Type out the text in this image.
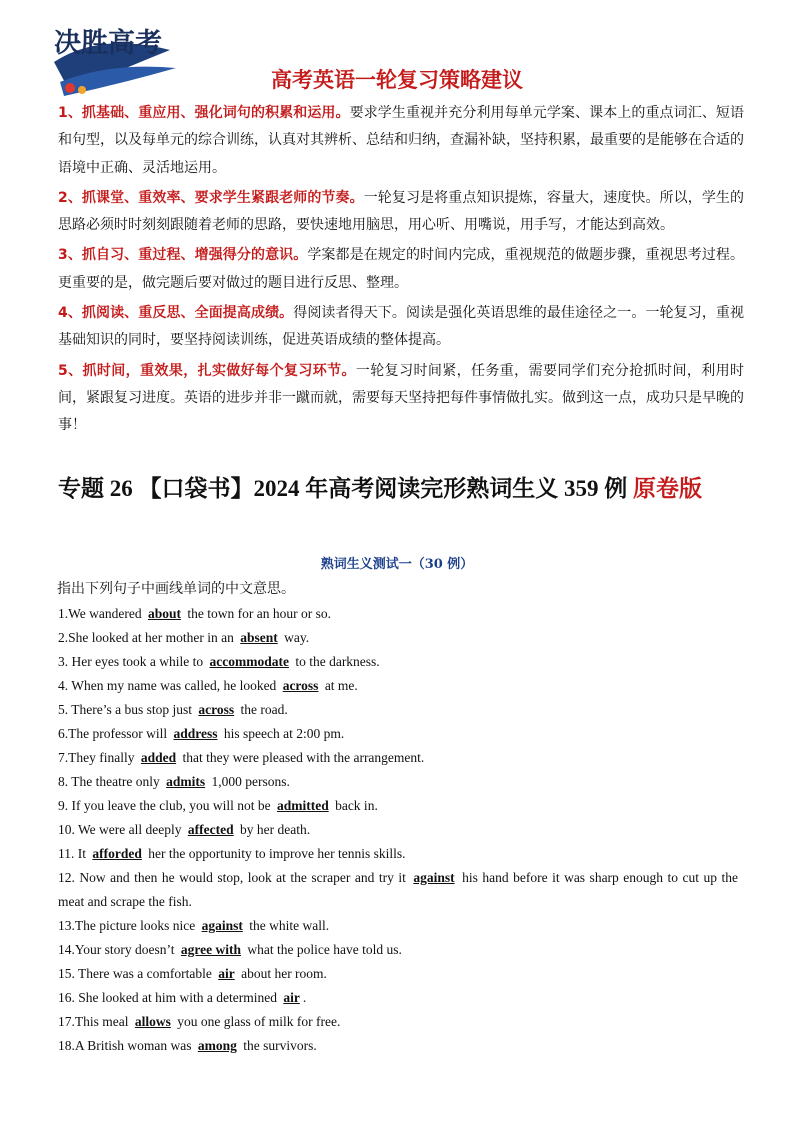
决胜高考
高考英语一轮复习策略建议

1、抓基础、重应用、强化词句的积累和运用。要求学生重视并充分利用每单元学案、课本上的重点词汇、短语和句型，以及每单元的综合训练，认真对其辨析、总结和归纳，查漏补缺，坚持积累，最重要的是能够在合适的语境中正确、灵活地运用。

2、抓课堂、重效率、要求学生紧跟老师的节奏。一轮复习是将重点知识提炼，容量大，速度快。所以，学生的思路必须时时刻刻跟随着老师的思路，要快速地用脑思，用心听、用嘴说，用手写，才能达到高效。

3、抓自习、重过程、增强得分的意识。学案都是在规定的时间内完成，重视规范的做题步骤，重视思考过程。更重要的是，做完题后要对做过的题目进行反思、整理。

4、抓阅读、重反思、全面提高成绩。得阅读者得天下。阅读是强化英语思维的最佳途径之一。一轮复习，重视基础知识的同时，要坚持阅读训练，促进英语成绩的整体提高。

5、抓时间，重效果，扎实做好每个复习环节。一轮复习时间紧，任务重，需要同学们充分抢抓时间，利用时间，紧跟复习进度。英语的进步并非一蹴而就，需要每天坚持把每件事情做扎实。做到这一点，成功只是早晚的事！

专题 26 【口袋书】2024 年高考阅读完形熟词生义 359 例 原卷版
熟词生义测试一（30 例）
指出下列句子中画线单词的中文意思。

1.We wandered about the town for an hour or so.

2.She looked at her mother in an absent way.

3. Her eyes took a while to accommodate to the darkness.

4. When my name was called, he looked across at me.

5. There’s a bus stop just across the road.

6.The professor will address his speech at 2:00 pm.

7.They finally added that they were pleased with the arrangement.

8. The theatre only admits 1,000 persons.

9. If you leave the club, you will not be admitted back in.

10. We were all deeply affected by her death.

11. It afforded her the opportunity to improve her tennis skills.

12. Now and then he would stop, look at the scraper and try it against his hand before it was sharp enough to cut up the meat and scrape the fish.

13.The picture looks nice against the white wall.

14.Your story doesn’t agree with what the police have told us.

15. There was a comfortable air about her room.

16. She looked at him with a determined air .

17.This meal allows you one glass of milk for free.

18.A British woman was among the survivors.
